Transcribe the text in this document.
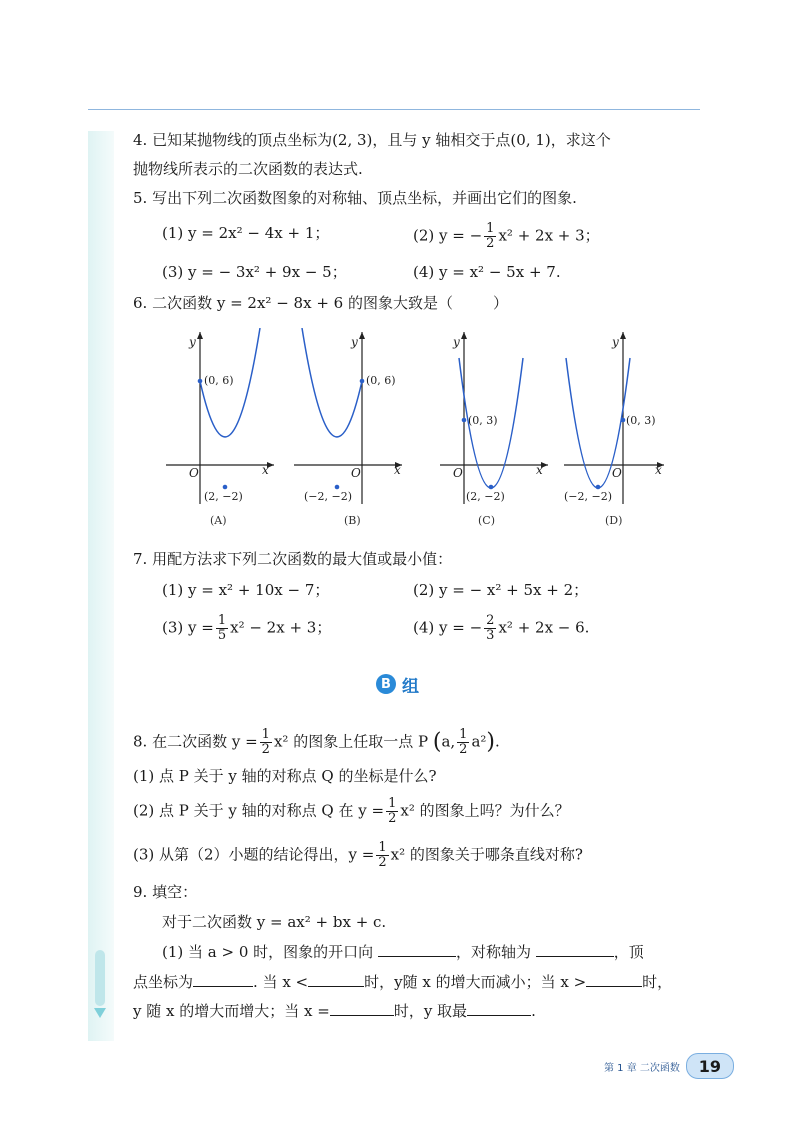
4. 已知某抛物线的顶点坐标为(2, 3)，且与 y 轴相交于点(0, 1)，求这个
抛物线所表示的二次函数的表达式.
5. 写出下列二次函数图象的对称轴、顶点坐标，并画出它们的图象.
(1) y = 2x² − 4x + 1；	(2) y = − $\frac{1}{2} x^2 + 2x + 3$；
(3) y = − 3x² + 9x − 5；	(4) y = x² − 5x + 7.
6. 二次函数 y = 2x² − 8x + 6 的图象大致是（	）
y
x
O
(0, 6)
(2, −2)
(A)
y
x
O
(0, 6)
(−2, −2)
(B)
y
x
O
(0, 3)
(2, −2)
(C)
y
x
O
(0, 3)
(−2, −2)
(D)
7. 用配方法求下列二次函数的最大值或最小值：
(1) y = x² + 10x − 7；	(2) y = − x² + 5x + 2；
(3) $y = \frac{1}{5} x^2 - 2x + 3$；	(4) y = − $\frac{2}{3} x^2 + 2x - 6$.
B 组
8. 在二次函数 $y = \frac{1}{2} x^2$ 的图象上任取一点 P (a, $\frac{1}{2} a^2$).
(1) 点 P 关于 y 轴的对称点 Q 的坐标是什么?
(2) 点 P 关于 y 轴的对称点 Q 在 $y = \frac{1}{2} x^2$ 的图象上吗？为什么？
(3) 从第（2）小题的结论得出，$y = \frac{1}{2} x^2$ 的图象关于哪条直线对称?
9. 填空：
对于二次函数 y = ax² + bx + c.
(1) 当 a > 0 时，图象的开口向	，对称轴为	，顶
点坐标为	. 当 x <	时，y随 x 的增大而减小；当 x >	时，
y 随 x 的增大而增大；当 x =	时，y 取最	.
第 1 章 二次函数	19
